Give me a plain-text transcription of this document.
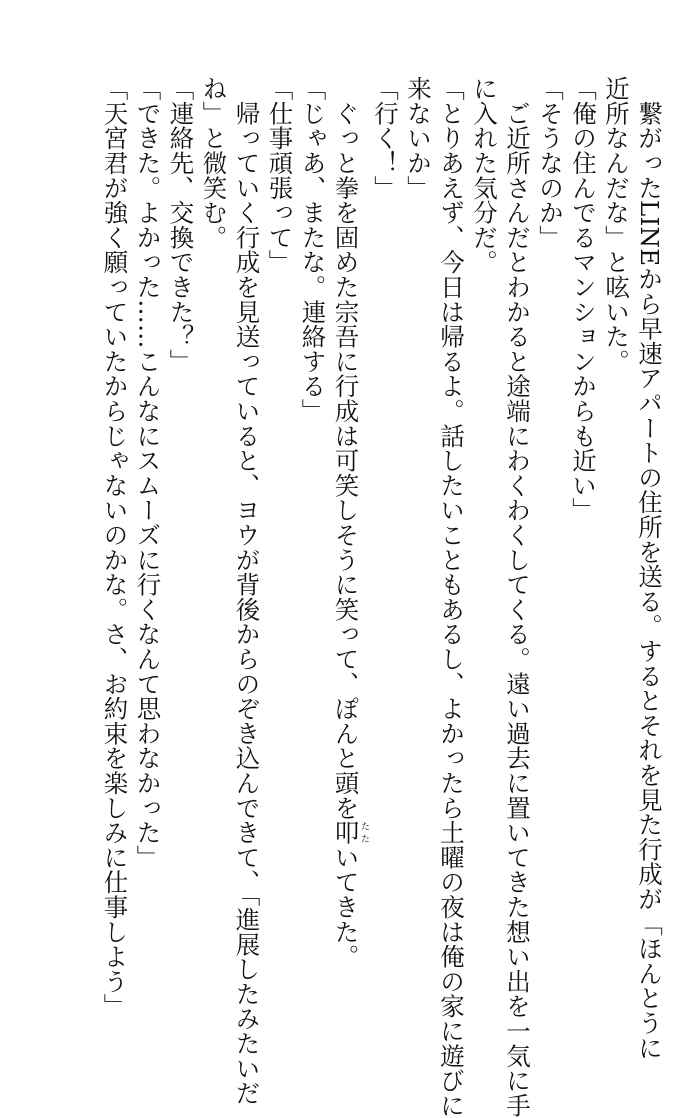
　繋がったLINEから早速アパートの住所を送る。するとそれを見た行成が「ほんとうに
近所なんだな」と呟いた。
「俺の住んでるマンションからも近い」
「そうなのか」
　ご近所さんだとわかると途端にわくわくしてくる。遠い過去に置いてきた想い出を一気に手
に入れた気分だ。
「とりあえず、今日は帰るよ。話したいこともあるし、よかったら土曜の夜は俺の家に遊びに
来ないか」
「行く！」
　ぐっと拳を固めた宗吾に行成は可笑しそうに笑って、ぽんと頭を叩たたいてきた。
「じゃあ、またな。連絡する」
「仕事頑張って」
　帰っていく行成を見送っていると、ヨウが背後からのぞき込んできて、「進展したみたいだ
ね」と微笑む。
「連絡先、交換できた？」
「できた。よかった……こんなにスムーズに行くなんて思わなかった」
「天宮君が強く願っていたからじゃないのかな。さ、お約束を楽しみに仕事しよう」
